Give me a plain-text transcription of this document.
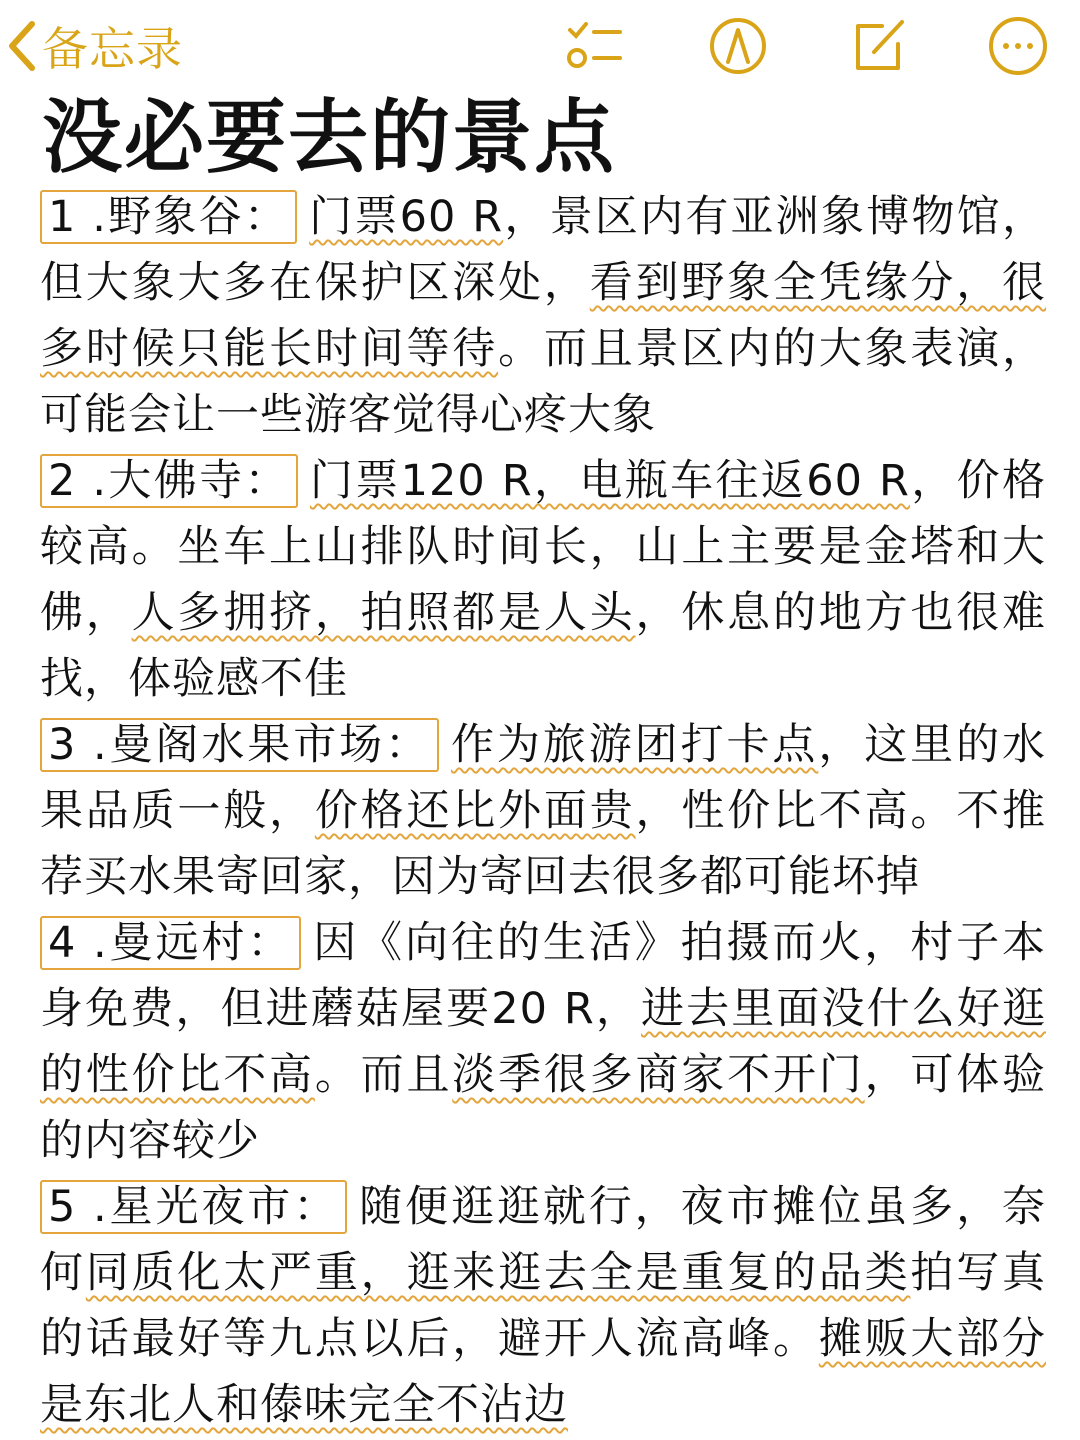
备忘录
没必要去的景点

1 .野象谷： 门票60 R，景区内有亚洲象博物馆，但大象大多在保护区深处，看到野象全凭缘分，很多时候只能长时间等待。而且景区内的大象表演，可能会让一些游客觉得心疼大象

2 .大佛寺： 门票120 R，电瓶车往返60 R，价格较高。坐车上山排队时间长，山上主要是金塔和大佛，人多拥挤，拍照都是人头，休息的地方也很难找，体验感不佳

3 .曼阁水果市场： 作为旅游团打卡点，这里的水果品质一般，价格还比外面贵，性价比不高。不推荐买水果寄回家，因为寄回去很多都可能坏掉

4 .曼远村： 因《向往的生活》拍摄而火，村子本身免费，但进蘑菇屋要20 R，进去里面没什么好逛的性价比不高。而且淡季很多商家不开门，可体验的内容较少

5 .星光夜市： 随便逛逛就行，夜市摊位虽多，奈何同质化太严重，逛来逛去全是重复的品类拍写真的话最好等九点以后，避开人流高峰。摊贩大部分是东北人和傣味完全不沾边
